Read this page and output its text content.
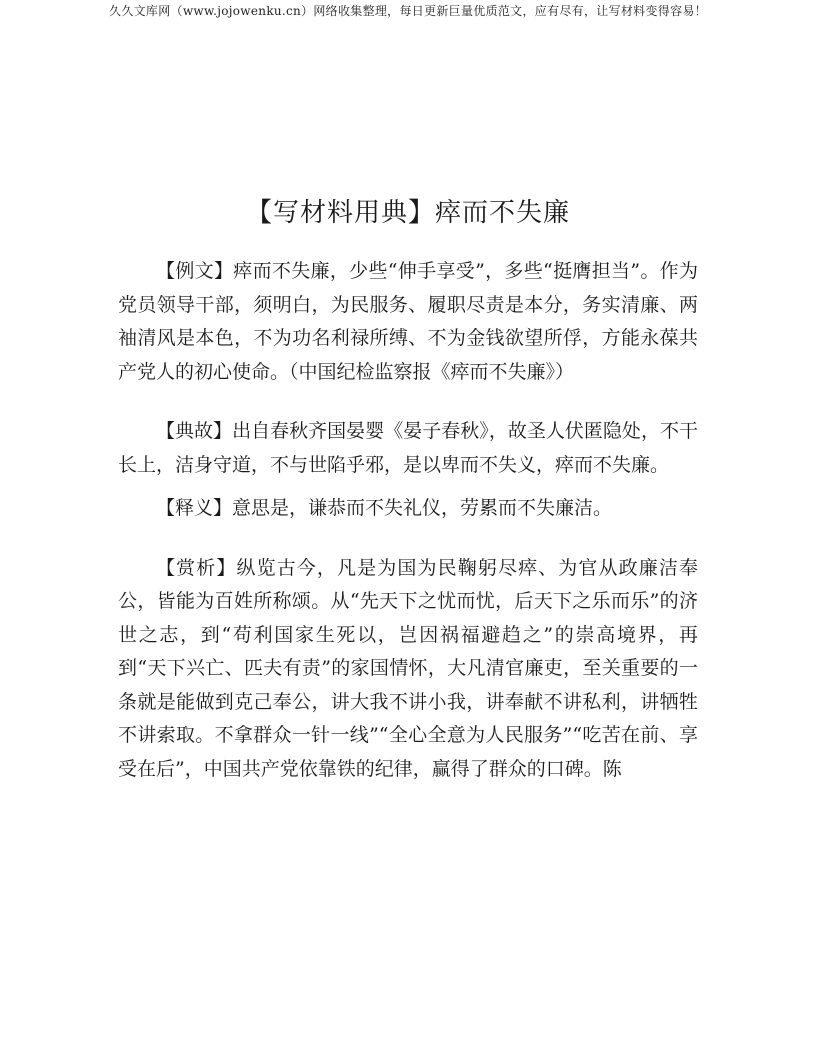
久久文库网（www.jojowenku.cn）网络收集整理，每日更新巨量优质范文，应有尽有，让写材料变得容易！
【写材料用典】瘁而不失廉

【例文】瘁而不失廉，少些“伸手享受”，多些“挺膺担当”。作为党员领导干部，须明白，为民服务、履职尽责是本分，务实清廉、两袖清风是本色，不为功名利禄所缚、不为金钱欲望所俘，方能永葆共产党人的初心使命。（中国纪检监察报《瘁而不失廉》）

【典故】出自春秋齐国晏婴《晏子春秋》，故圣人伏匿隐处，不干长上，洁身守道，不与世陷乎邪，是以卑而不失义，瘁而不失廉。

【释义】意思是，谦恭而不失礼仪，劳累而不失廉洁。

【赏析】纵览古今，凡是为国为民鞠躬尽瘁、为官从政廉洁奉公，皆能为百姓所称颂。从“先天下之忧而忧，后天下之乐而乐”的济世之志，到“苟利国家生死以，岂因祸福避趋之”的崇高境界，再到“天下兴亡、匹夫有责”的家国情怀，大凡清官廉吏，至关重要的一条就是能做到克己奉公，讲大我不讲小我，讲奉献不讲私利，讲牺牲不讲索取。不拿群众一针一线”“全心全意为人民服务”“吃苦在前、享受在后”，中国共产党依靠铁的纪律，赢得了群众的口碑。陈
